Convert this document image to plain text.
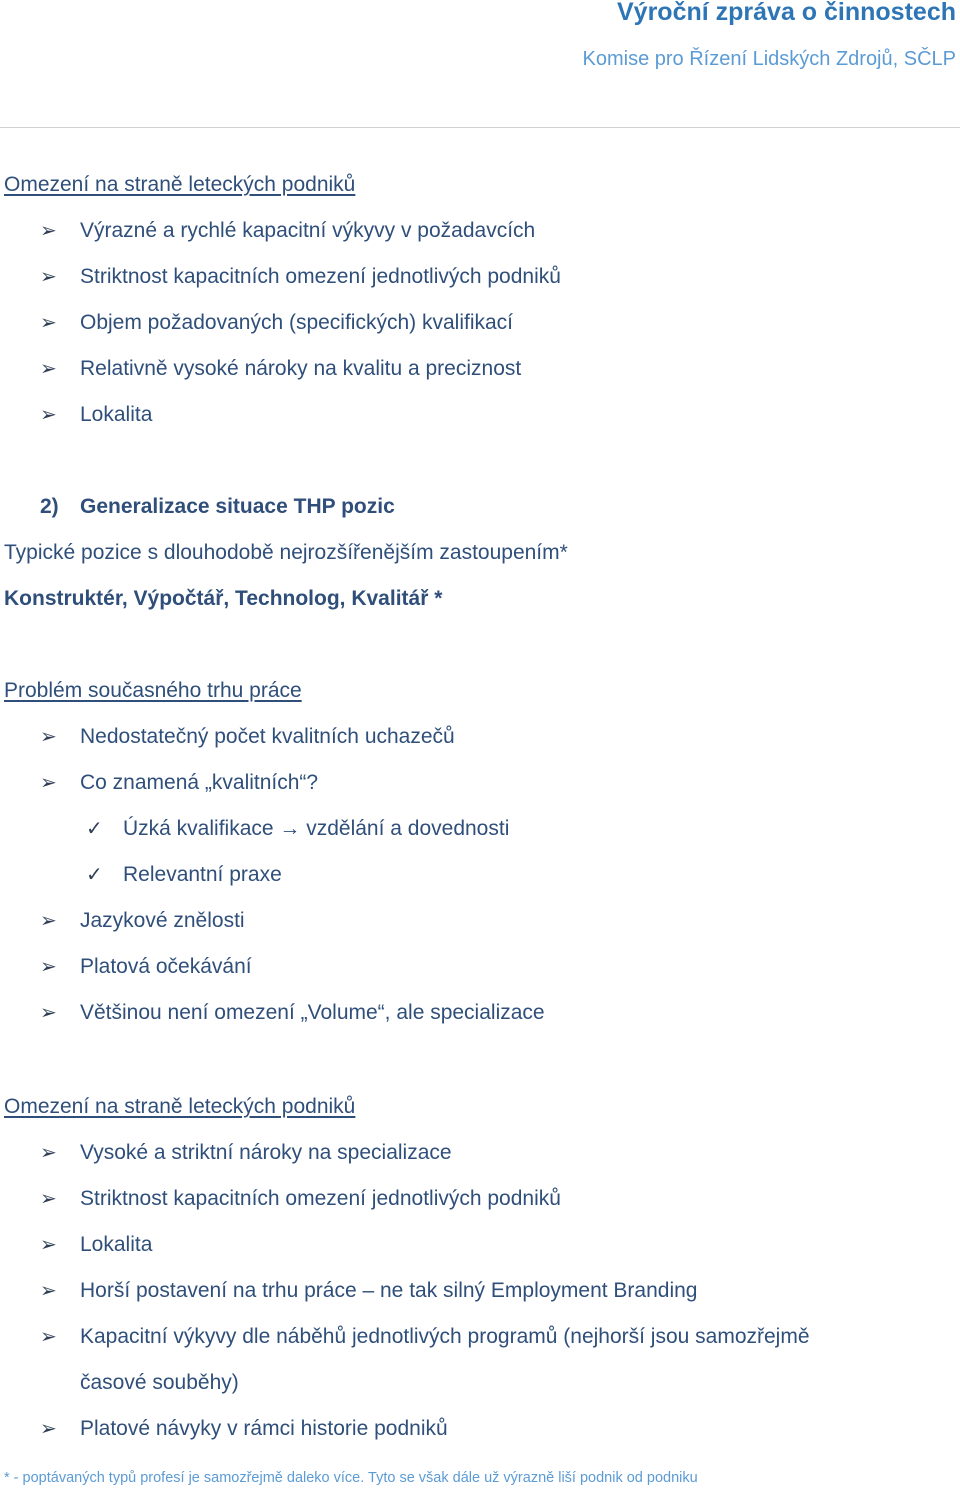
Výroční zpráva o činnostech
Komise pro Řízení Lidských Zdrojů, SČLP
Omezení na straně leteckých podniků
➢ Výrazné a rychlé kapacitní výkyvy v požadavcích
➢ Striktnost kapacitních omezení jednotlivých podniků
➢ Objem požadovaných (specifických) kvalifikací
➢ Relativně vysoké nároky na kvalitu a preciznost
➢ Lokalita
2) Generalizace situace THP pozic
Typické pozice s dlouhodobě nejrozšířenějším zastoupením*
Konstruktér, Výpočtář, Technolog, Kvalitář *
Problém současného trhu práce
➢ Nedostatečný počet kvalitních uchazečů
➢ Co znamená „kvalitních“?
✓ Úzká kvalifikace → vzdělání a dovednosti
✓ Relevantní praxe
➢ Jazykové znělosti
➢ Platová očekávání
➢ Většinou není omezení „Volume“, ale specializace
Omezení na straně leteckých podniků
➢ Vysoké a striktní nároky na specializace
➢ Striktnost kapacitních omezení jednotlivých podniků
➢ Lokalita
➢ Horší postavení na trhu práce – ne tak silný Employment Branding
➢ Kapacitní výkyvy dle náběhů jednotlivých programů (nejhorší jsou samozřejmě
časové souběhy)
➢ Platové návyky v rámci historie podniků
* - poptávaných typů profesí je samozřejmě daleko více. Tyto se však dále už výrazně liší podnik od podniku
